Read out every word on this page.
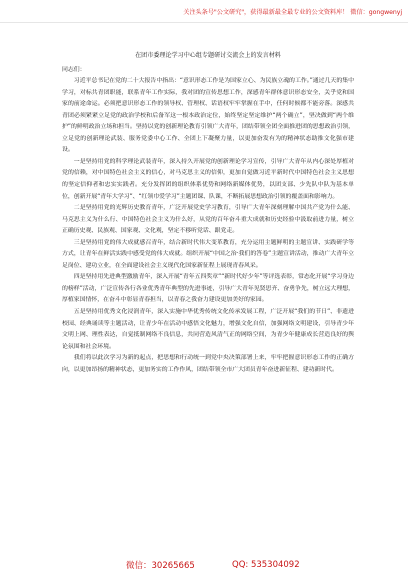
关注头条号"公文研究"，获得最新最全最专业的公文资料库！ 微信：gongwenyj

在团市委理论学习中心组专题研讨交流会上的发言材料

同志们：

习近平总书记在党的二十大报告中指出：“意识形态工作是为国家立心、为民族立魂的工作。”通过几天的集中学习，对标共青团职能，联系青年工作实际，我对团的宣传思想工作，深感青年群体意识形态安全，关乎党和国家的前途命运。必须把意识形态工作的领导权、管理权、话语权牢牢掌握在手中，任何时候都不能旁落。深感共青团必须紧紧立足党的政治学校和后备军这一根本政治定位，始终坚定坚定维护“两个确立”，坚决做到“两个维护”的鲜明政治立场和担当。坚持以党的创新理论教育引领广大青年，团结带领全团全面推进团的思想政治引领，立足党的创新理论武装、服务党委中心工作、全团上下凝聚力量，以更加奋发有为的精神状态助推文化强市建设。

一是坚持用党的科学理论武装青年，深入持久开展党的创新理论学习宣传，引导广大青年从内心深处厚植对党的信赖，对中国特色社会主义的信心，对马克思主义的信仰，更加自觉做习近平新时代中国特色社会主义思想的坚定信仰者和忠实实践者。充分发挥团的组织体系优势和网络新媒体优势，以团支部、少先队中队为基本单位，创新开展“青年大学习”、“红领巾爱学习”主题团课、队课，不断拓展思想政治引领的覆盖面和影响力。

二是坚持用党的光辉历史教育青年，广泛开展党史学习教育，引导广大青年深刻理解中国共产党为什么能、马克思主义为什么行、中国特色社会主义为什么好，从党的百年奋斗重大成就和历史经验中汲取前进力量，树立正确历史观、民族观、国家观、文化观，坚定不移听党话、跟党走。

三是坚持用党的伟大成就感召青年，结合新时代伟大变革教育，充分运用主题鲜明的主题宣讲、实践研学等方式，让青年在鲜活实践中感受党的伟大成就。组织开展“中国之治·我们的答卷”主题宣讲活动，推动广大青年立足岗位、建功立业，在全面建设社会主义现代化国家新征程上展现青春风采。

四是坚持用先进典型激励青年，深入开展“青年五四奖章”“新时代好少年”等评选表彰，常态化开展“学习身边的榜样”活动，广泛宣传各行各业优秀青年典型的先进事迹，引导广大青年见贤思齐、奋勇争先，树立远大理想，厚植家国情怀，在奋斗中彰显青春担当，以青春之我奋力建设更加美好的家园。

五是坚持用优秀文化浸润青年，深入实施中华优秀传统文化传承发展工程，广泛开展“我们的节日”、非遗进校园、经典诵读等主题活动，让青少年在活动中感悟文化魅力，增强文化自信，加强网络文明建设，引导青少年文明上网、理性表达，自觉抵制网络不良信息，共同营造风清气正的网络空间，为青少年健康成长营造良好的舆论氛围和社会环境。

我们将以此次学习为新的起点，把思想和行动统一到党中央决策部署上来，牢牢把握意识形态工作的正确方向，以更加昂扬的精神状态，更加务实的工作作风，团结带领全市广大团员青年奋进新征程、建功新时代。

微信：30265665	QQ: 535304092
